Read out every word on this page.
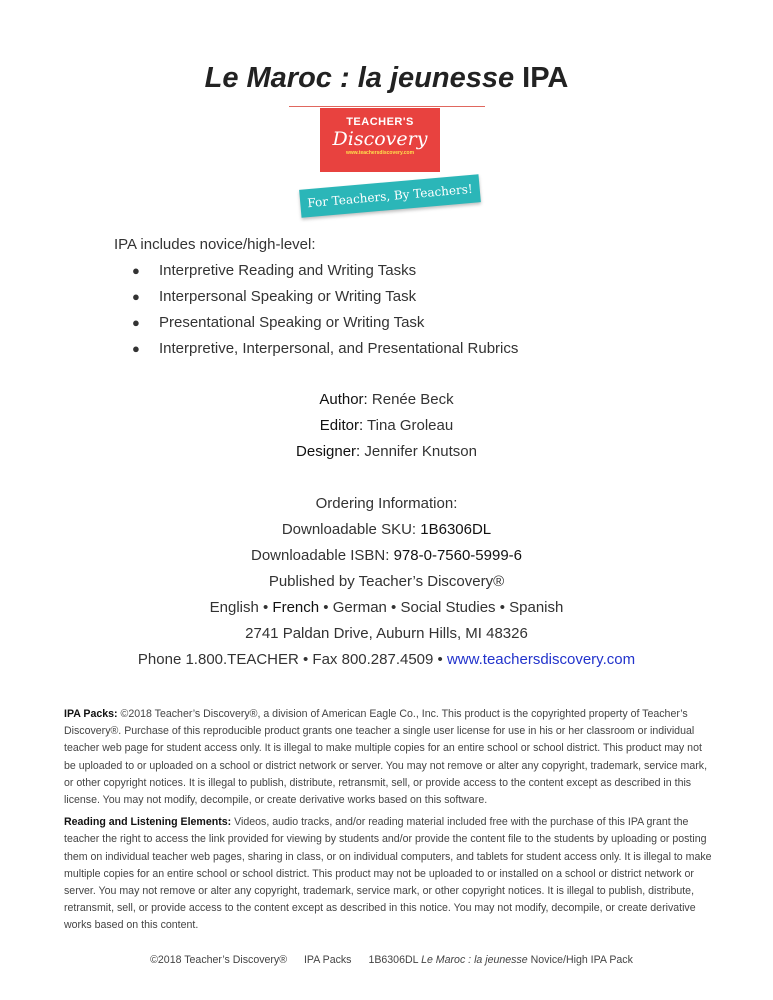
Le Maroc : la jeunesse IPA
TEACHER'S
Discovery
www.teachersdiscovery.com
For Teachers, By Teachers!
IPA includes novice/high-level:
● Interpretive Reading and Writing Tasks
● Interpersonal Speaking or Writing Task
● Presentational Speaking or Writing Task
● Interpretive, Interpersonal, and Presentational Rubrics
Author: Renée Beck
Editor: Tina Groleau
Designer: Jennifer Knutson
Ordering Information:
Downloadable SKU: 1B6306DL
Downloadable ISBN: 978-0-7560-5999-6
Published by Teacher’s Discovery®
English • French • German • Social Studies • Spanish
2741 Paldan Drive, Auburn Hills, MI 48326
Phone 1.800.TEACHER • Fax 800.287.4509 • www.teachersdiscovery.com

IPA Packs: ©2018 Teacher’s Discovery®, a division of American Eagle Co., Inc. This product is the copyrighted property of Teacher’s Discovery®. Purchase of this reproducible product grants one teacher a single user license for use in his or her classroom or individual teacher web page for student access only. It is illegal to make multiple copies for an entire school or school district. This product may not be uploaded to or uploaded on a school or district network or server. You may not remove or alter any copyright, trademark, service mark, or other copyright notices. It is illegal to publish, distribute, retransmit, sell, or provide access to the content except as described in this license. You may not modify, decompile, or create derivative works based on this software.

Reading and Listening Elements: Videos, audio tracks, and/or reading material included free with the purchase of this IPA grant the teacher the right to access the link provided for viewing by students and/or provide the content file to the students by uploading or posting them on individual teacher web pages, sharing in class, or on individual computers, and tablets for student access only. It is illegal to make multiple copies for an entire school or school district. This product may not be uploaded to or installed on a school or district network or server. You may not remove or alter any copyright, trademark, service mark, or other copyright notices. It is illegal to publish, distribute, retransmit, sell, or provide access to the content except as described in this notice. You may not modify, decompile, or create derivative works based on this content.

©2018 Teacher’s Discovery® IPA Packs 1B6306DL Le Maroc : la jeunesse Novice/High IPA Pack
